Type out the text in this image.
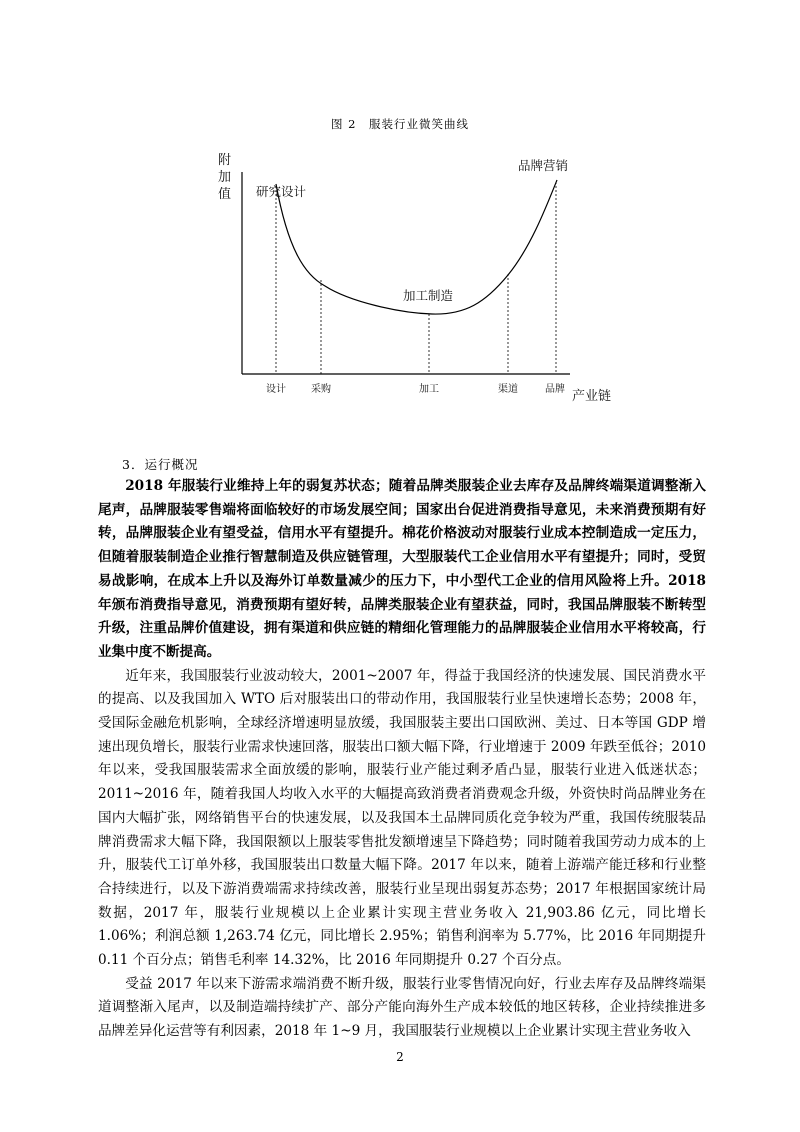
图 2　服装行业微笑曲线
附
加
值 研究设计
加工制造
品牌营销
设计	采购	加工	渠道	品牌 产业链
3．运行概况

2018 年服装行业维持上年的弱复苏状态；随着品牌类服装企业去库存及品牌终端渠道调整渐入尾声，品牌服装零售端将面临较好的市场发展空间；国家出台促进消费指导意见，未来消费预期有好转，品牌服装企业有望受益，信用水平有望提升。棉花价格波动对服装行业成本控制造成一定压力，但随着服装制造企业推行智慧制造及供应链管理，大型服装代工企业信用水平有望提升；同时，受贸易战影响，在成本上升以及海外订单数量减少的压力下，中小型代工企业的信用风险将上升。2018 年颁布消费指导意见，消费预期有望好转，品牌类服装企业有望获益，同时，我国品牌服装不断转型升级，注重品牌价值建设，拥有渠道和供应链的精细化管理能力的品牌服装企业信用水平将较高，行业集中度不断提高。

近年来，我国服装行业波动较大，2001~2007 年，得益于我国经济的快速发展、国民消费水平的提高、以及我国加入 WTO 后对服装出口的带动作用，我国服装行业呈快速增长态势；2008 年，受国际金融危机影响，全球经济增速明显放缓，我国服装主要出口国欧洲、美过、日本等国 GDP 增速出现负增长，服装行业需求快速回落，服装出口额大幅下降，行业增速于 2009 年跌至低谷；2010 年以来，受我国服装需求全面放缓的影响，服装行业产能过剩矛盾凸显，服装行业进入低迷状态；2011~2016 年，随着我国人均收入水平的大幅提高致消费者消费观念升级，外资快时尚品牌业务在国内大幅扩张，网络销售平台的快速发展，以及我国本土品牌同质化竞争较为严重，我国传统服装品牌消费需求大幅下降，我国限额以上服装零售批发额增速呈下降趋势；同时随着我国劳动力成本的上升，服装代工订单外移，我国服装出口数量大幅下降。2017 年以来，随着上游端产能迁移和行业整合持续进行，以及下游消费端需求持续改善，服装行业呈现出弱复苏态势；2017 年根据国家统计局数据，2017 年，服装行业规模以上企业累计实现主营业务收入 21,903.86 亿元，同比增长 1.06%；利润总额 1,263.74 亿元，同比增长 2.95%；销售利润率为 5.77%，比 2016 年同期提升 0.11 个百分点；销售毛利率 14.32%，比 2016 年同期提升 0.27 个百分点。

受益 2017 年以来下游需求端消费不断升级，服装行业零售情况向好，行业去库存及品牌终端渠道调整渐入尾声，以及制造端持续扩产、部分产能向海外生产成本较低的地区转移，企业持续推进多品牌差异化运营等有利因素，2018 年 1~9 月，我国服装行业规模以上企业累计实现主营业务收入

2
